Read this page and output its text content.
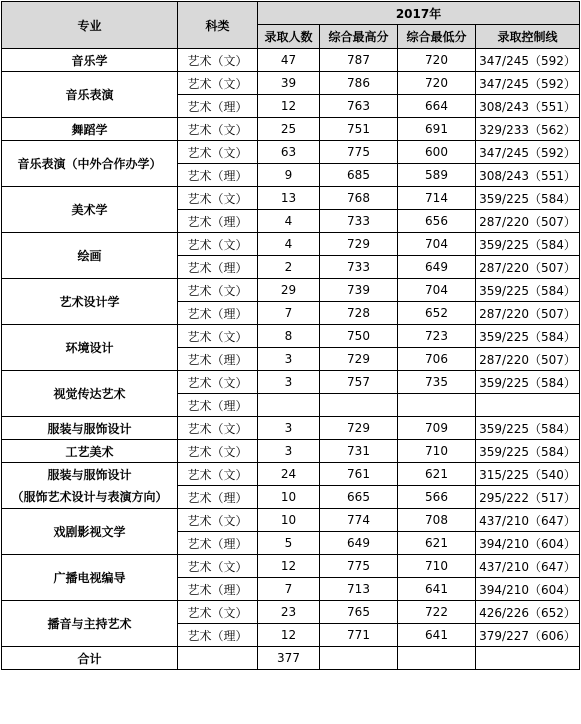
专业	科类	2017年			
		录取人数	综合最高分	综合最低分	录取控制线
音乐学	艺术（文）	47	787	720	347/245（592）
音乐表演	艺术（文）	39	786	720	347/245（592）
	艺术（理）	12	763	664	308/243（551）
舞蹈学	艺术（文）	25	751	691	329/233（562）
音乐表演（中外合作办学）	艺术（文）	63	775	600	347/245（592）
	艺术（理）	9	685	589	308/243（551）
美术学	艺术（文）	13	768	714	359/225（584）
	艺术（理）	4	733	656	287/220（507）
绘画	艺术（文）	4	729	704	359/225（584）
	艺术（理）	2	733	649	287/220（507）
艺术设计学	艺术（文）	29	739	704	359/225（584）
	艺术（理）	7	728	652	287/220（507）
环境设计	艺术（文）	8	750	723	359/225（584）
	艺术（理）	3	729	706	287/220（507）
视觉传达艺术	艺术（文）	3	757	735	359/225（584）
	艺术（理）				
服装与服饰设计	艺术（文）	3	729	709	359/225（584）
工艺美术	艺术（文）	3	731	710	359/225（584）

服装与服饰设计
（服饰艺术设计与表演方向）	艺术（文）	24	761	621	315/225（540）
	艺术（理）	10	665	566	295/222（517）
戏剧影视文学	艺术（文）	10	774	708	437/210（647）
	艺术（理）	5	649	621	394/210（604）
广播电视编导	艺术（文）	12	775	710	437/210（647）
	艺术（理）	7	713	641	394/210（604）
播音与主持艺术	艺术（文）	23	765	722	426/226（652）
	艺术（理）	12	771	641	379/227（606）
合计		377			
